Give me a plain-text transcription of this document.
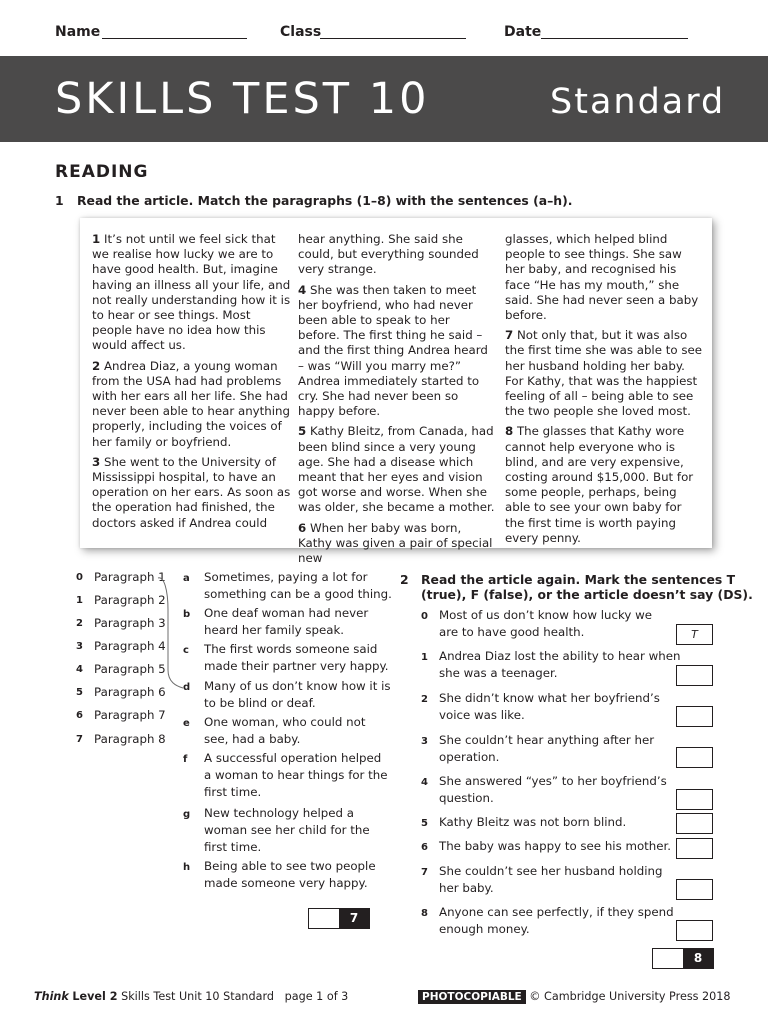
Name	Class	Date
SKILLS TEST 10	Standard
READING
1 Read the article. Match the paragraphs (1–8) with the sentences (a–h).

1 It’s not until we feel sick that we realise how lucky we are to have good health. But, imagine having an illness all your life, and not really understanding how it is to hear or see things. Most people have no idea how this would affect us.

2 Andrea Diaz, a young woman from the USA had had problems with her ears all her life. She had never been able to hear anything properly, including the voices of her family or boyfriend.

3 She went to the University of Mississippi hospital, to have an operation on her ears. As soon as the operation had finished, the doctors asked if Andrea could

hear anything. She said she could, but everything sounded very strange.

4 She was then taken to meet her boyfriend, who had never been able to speak to her before. The first thing he said – and the first thing Andrea heard – was “Will you marry me?” Andrea immediately started to cry. She had never been so happy before.

5 Kathy Bleitz, from Canada, had been blind since a very young age. She had a disease which meant that her eyes and vision got worse and worse. When she was older, she became a mother.

6 When her baby was born, Kathy was given a pair of special new

glasses, which helped blind people to see things. She saw her baby, and recognised his face “He has my mouth,” she said. She had never seen a baby before.

7 Not only that, but it was also the first time she was able to see her husband holding her baby. For Kathy, that was the happiest feeling of all – being able to see the two people she loved most.

8 The glasses that Kathy wore cannot help everyone who is blind, and are very expensive, costing around $15,000. But for some people, perhaps, being able to see your own baby for the first time is worth paying every penny.

0 Paragraph 1
1 Paragraph 2
2 Paragraph 3
3 Paragraph 4
4 Paragraph 5
5 Paragraph 6
6 Paragraph 7
7 Paragraph 8
a Sometimes, paying a lot for
something can be a good thing.
b One deaf woman had never
heard her family speak.
c The first words someone said
made their partner very happy.
d Many of us don’t know how it is
to be blind or deaf.
e One woman, who could not
see, had a baby.
f A successful operation helped
a woman to hear things for the
first time.
g New technology helped a
woman see her child for the
first time.
h Being able to see two people
made someone very happy.
7
2 Read the article again. Mark the sentences T
(true), F (false), or the article doesn’t say (DS).
0 Most of us don’t know how lucky we
are to have good health.	T
1 Andrea Diaz lost the ability to hear when
she was a teenager.
2 She didn’t know what her boyfriend’s
voice was like.
3 She couldn’t hear anything after her
operation.
4 She answered “yes” to her boyfriend’s
question.
5 Kathy Bleitz was not born blind.
6 The baby was happy to see his mother.
7 She couldn’t see her husband holding
her baby.
8 Anyone can see perfectly, if they spend
enough money.
8
Think Level 2 Skills Test Unit 10 Standard page 1 of 3	PHOTOCOPIABLE © Cambridge University Press 2018
